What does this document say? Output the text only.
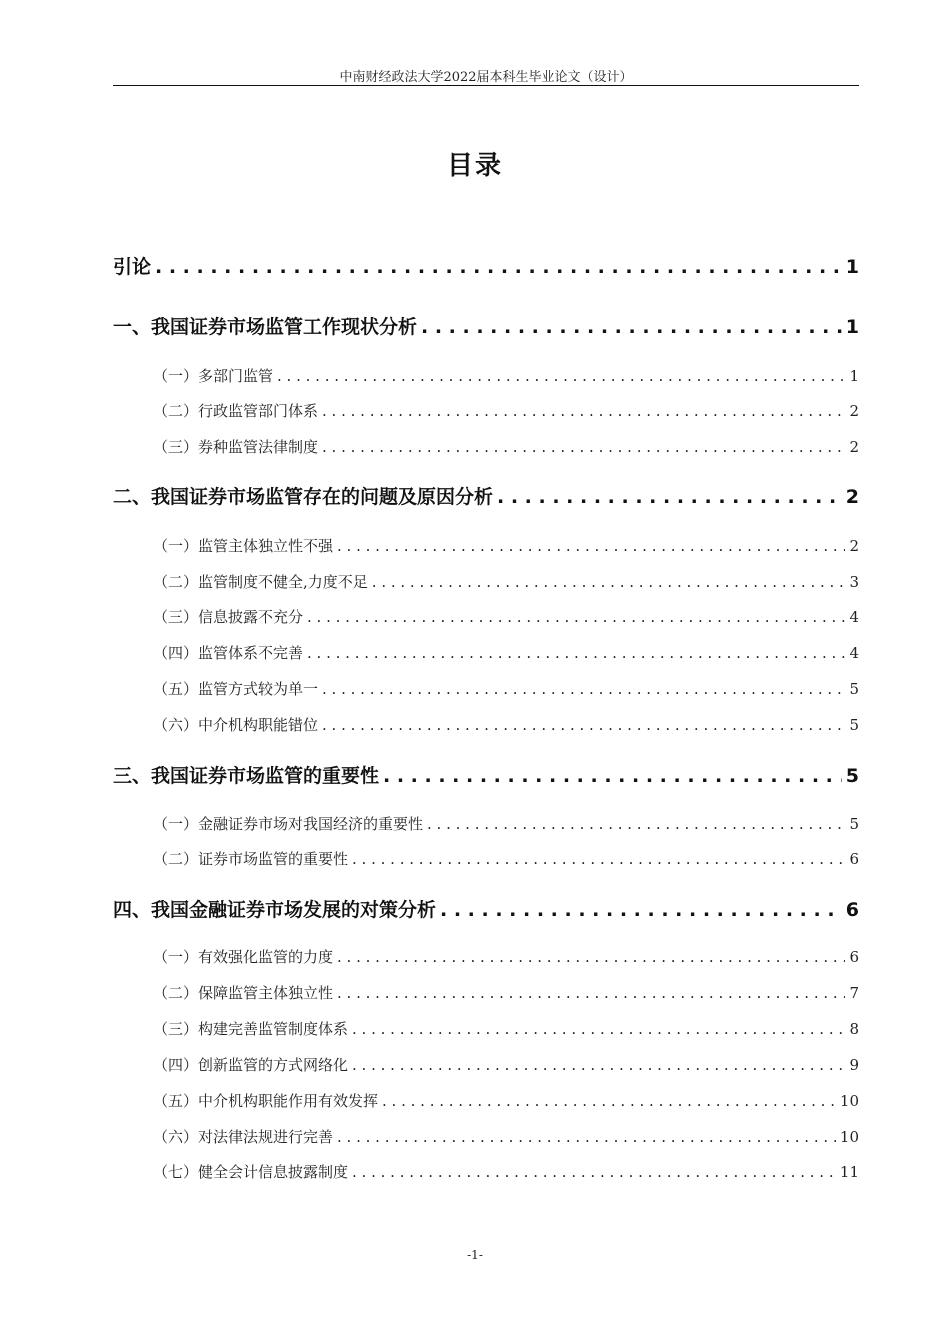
中南财经政法大学2022届本科生毕业论文（设计）
目录
引论 . . .	1
一、我国证券市场监管工作现状分析 . . .	1
（一）多部门监管 . . .	1
（二）行政监管部门体系 . . .	2
（三）券种监管法律制度 . . .	2
二、我国证券市场监管存在的问题及原因分析 . . .	2
（一）监管主体独立性不强 . . .	2
（二）监管制度不健全,力度不足 . . .	3
（三）信息披露不充分 . . .	4
（四）监管体系不完善 . . .	4
（五）监管方式较为单一 . . .	5
（六）中介机构职能错位 . . .	5
三、我国证券市场监管的重要性 . . .	5
（一）金融证券市场对我国经济的重要性 . . .	5
（二）证券市场监管的重要性 . . .	6
四、我国金融证券市场发展的对策分析 . . .	6
（一）有效强化监管的力度 . . .	6
（二）保障监管主体独立性 . . .	7
（三）构建完善监管制度体系 . . .	8
（四）创新监管的方式网络化 . . .	9
（五）中介机构职能作用有效发挥 . . .	10
（六）对法律法规进行完善 . . .	10
（七）健全会计信息披露制度 . . .	11
-1-
